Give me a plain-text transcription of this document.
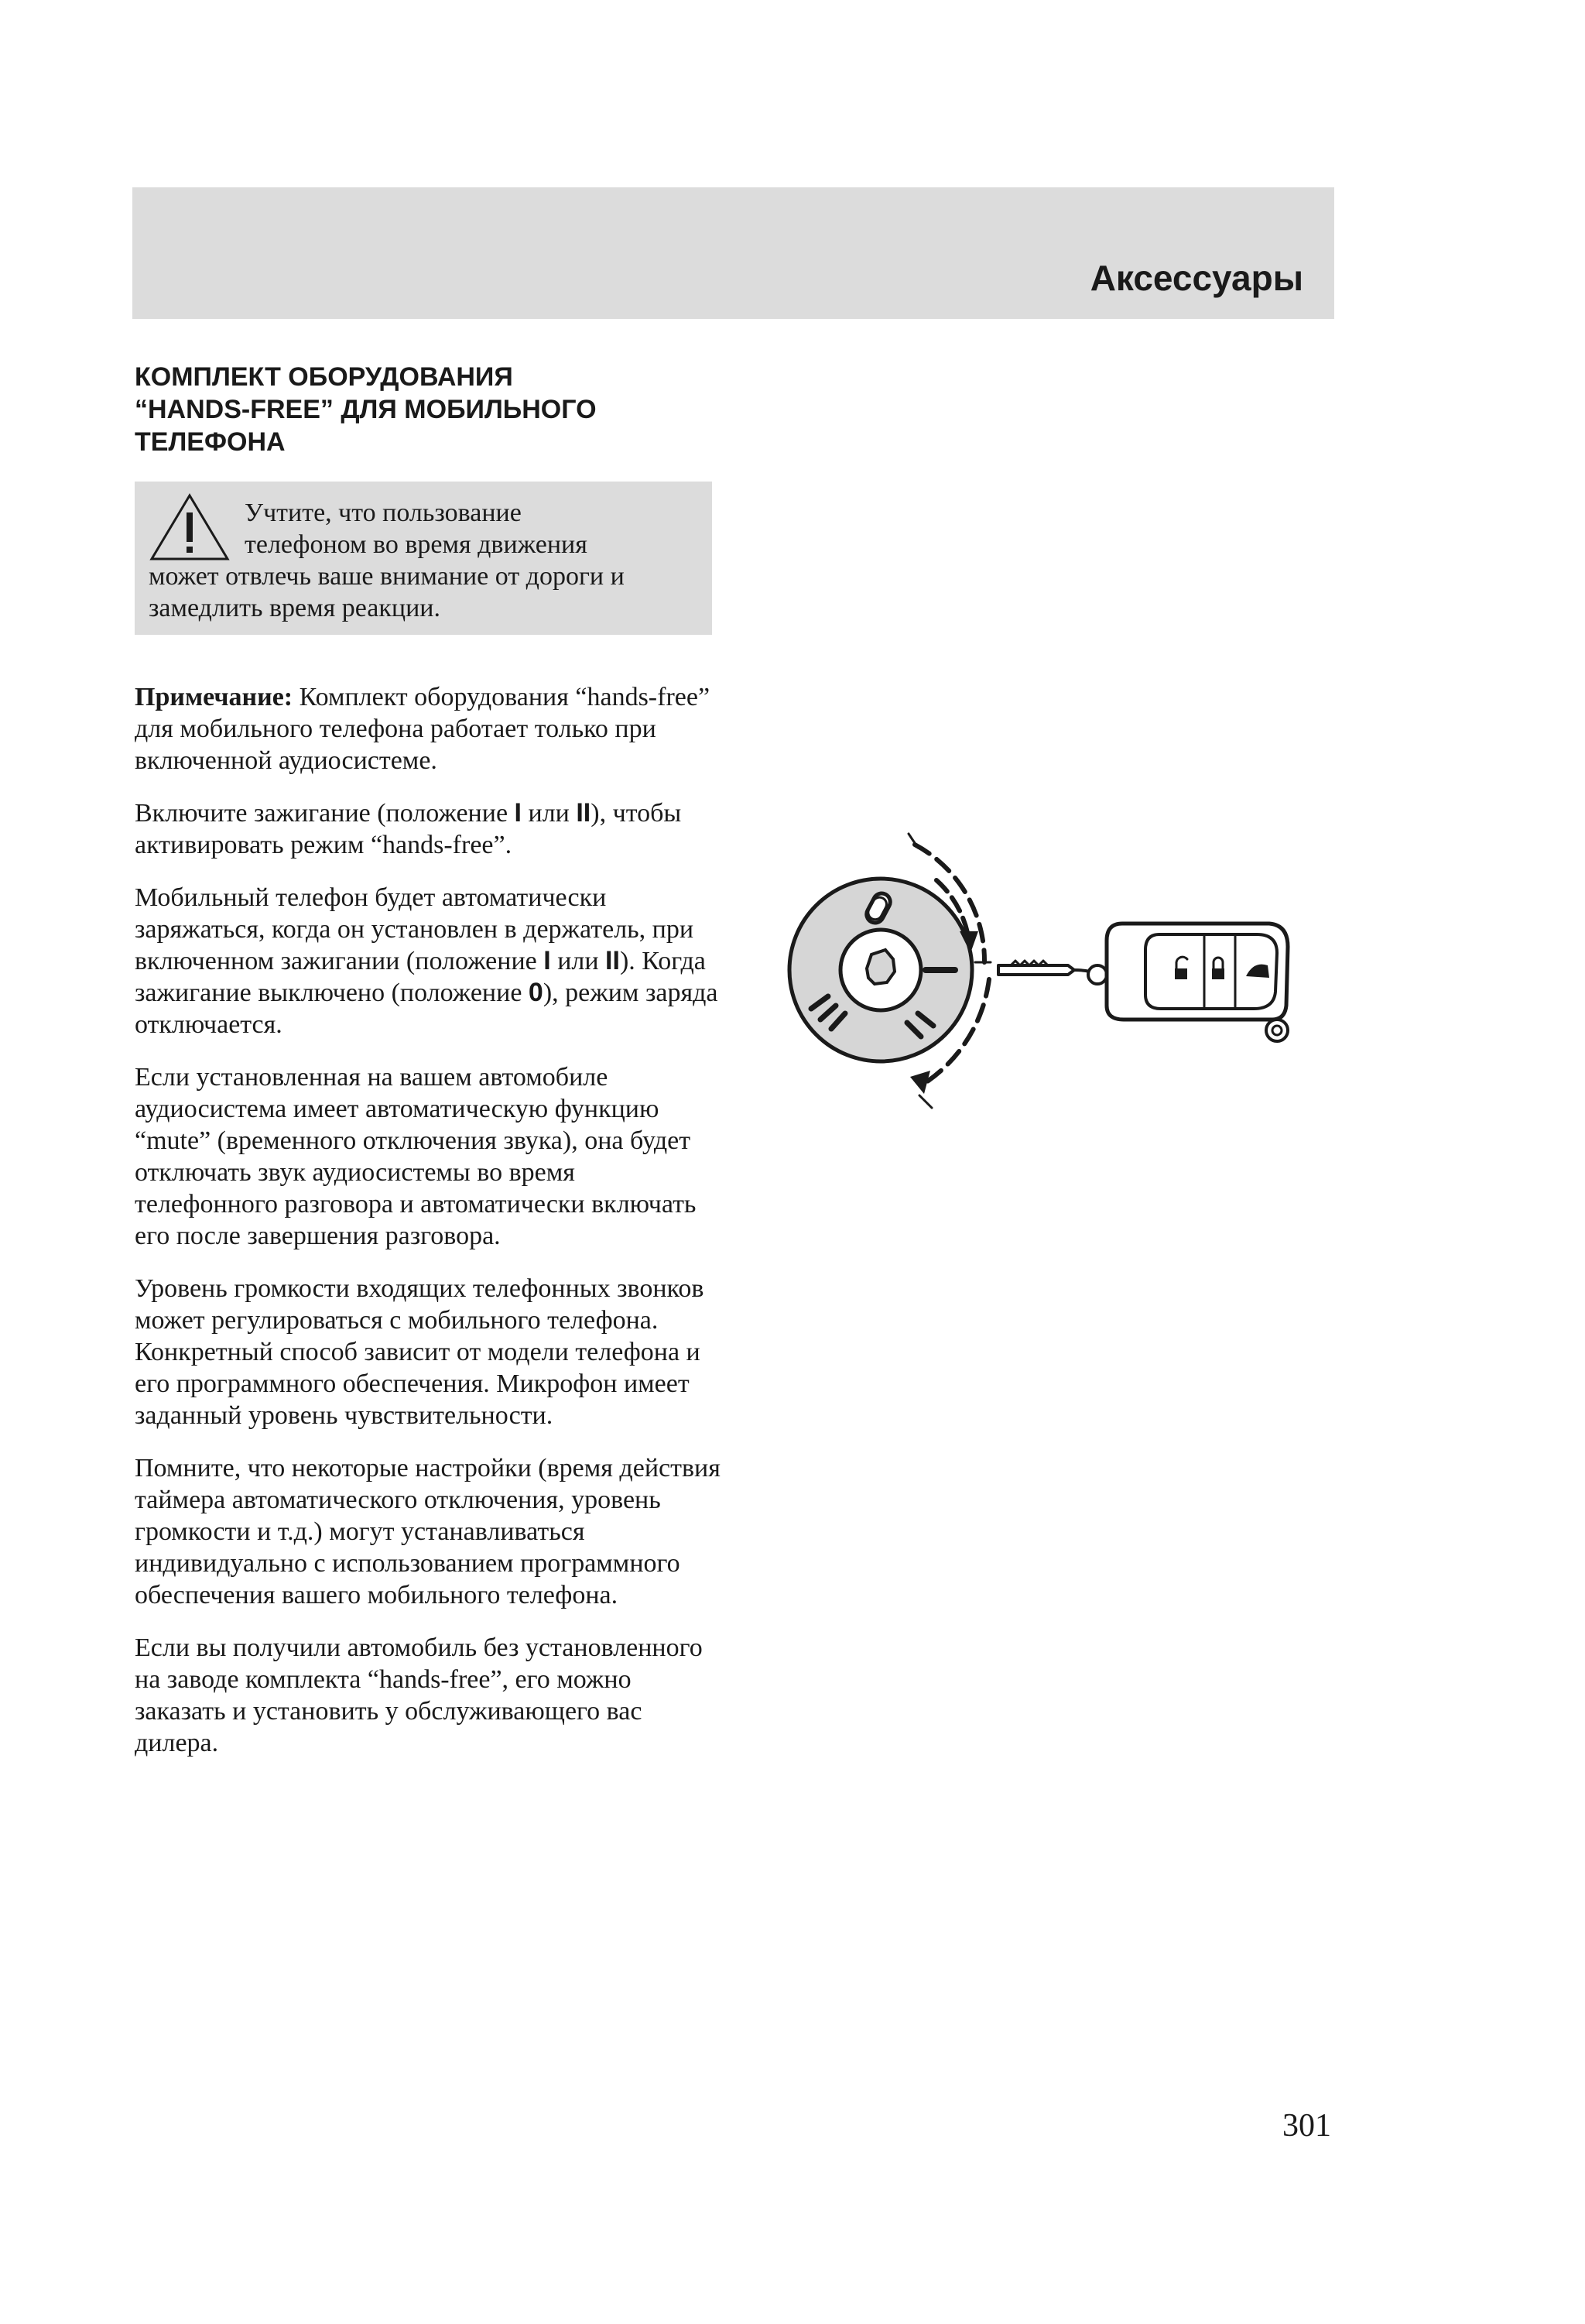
Аксессуары
КОМПЛЕКТ ОБОРУДОВАНИЯ
“HANDS-FREE” ДЛЯ МОБИЛЬНОГО
ТЕЛЕФОНА

Учтите, что пользование
телефоном во время движения
может отвлечь ваше внимание от дороги и замедлить время реакции.

Примечание: Комплект оборудования “hands-free” для мобильного телефона работает только при включенной аудиосистеме.

Включите зажигание (положение I или II), чтобы активировать режим “hands-free”.

Мобильный телефон будет автоматически заряжаться, когда он установлен в держатель, при включенном зажигании (положение I или II). Когда зажигание выключено (положение 0), режим заряда отключается.

Если установленная на вашем автомобиле аудиосистема имеет автоматическую функцию “mute” (временного отключения звука), она будет отключать звук аудиосистемы во время телефонного разговора и автоматически включать его после завершения разговора.

Уровень громкости входящих телефонных звонков может регулироваться с мобильного телефона. Конкретный способ зависит от модели телефона и его программного обеспечения. Микрофон имеет заданный уровень чувствительности.

Помните, что некоторые настройки (время действия таймера автоматического отключения, уровень громкости и т.д.) могут устанавливаться индивидуально с использованием программного обеспечения вашего мобильного телефона.

Если вы получили автомобиль без установленного на заводе комплекта “hands-free”, его можно заказать и установить у обслуживающего вас дилера.

301
